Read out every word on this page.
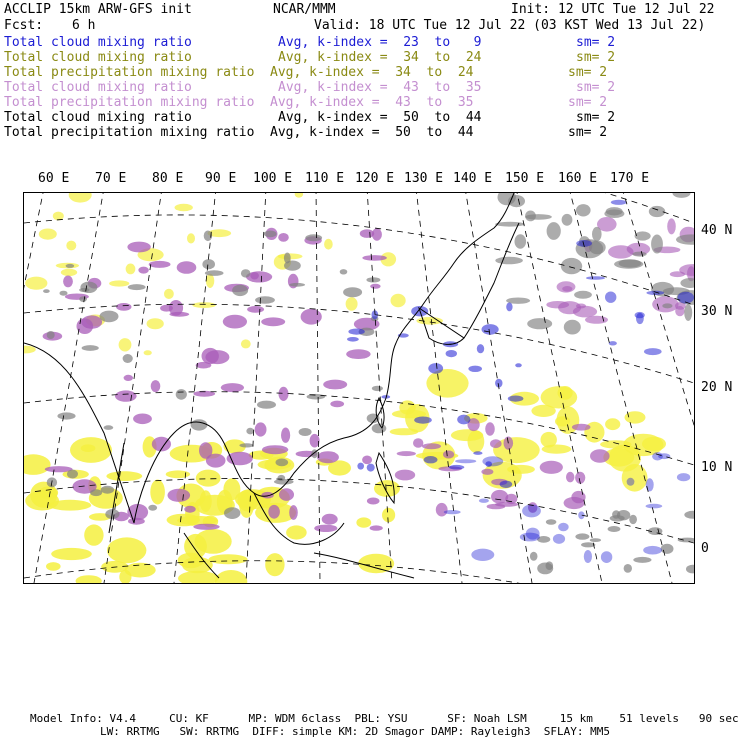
ACCLIP 15km ARW-GFS init	NCAR/MMM	Init: 12 UTC Tue 12 Jul 22
Fcst: 6 h	Valid: 18 UTC Tue 12 Jul 22 (03 KST Wed 13 Jul 22)
Total cloud mixing ratio	Avg, k-index =  23  to   9	sm= 2
Total cloud mixing ratio	Avg, k-index =  34  to  24	sm= 2
Total precipitation mixing ratio Avg, k-index =  34  to  24	sm= 2
Total cloud mixing ratio	Avg, k-index =  43  to  35	sm= 2
Total precipitation mixing ratio Avg, k-index =  43  to  35	sm= 2
Total cloud mixing ratio	Avg, k-index =  50  to  44	sm= 2
Total precipitation mixing ratio Avg, k-index =  50  to  44	sm= 2
60 E 70 E 80 E 90 E 100 E 110 E 120 E 130 E 140 E 150 E 160 E 170 E
40 N
30 N
20 N
10 N
0
Model Info: V4.4     CU: KF      MP: WDM 6class  PBL: YSU      SF: Noah LSM     15 km    51 levels   90 sec
LW: RRTMG   SW: RRTMG  DIFF: simple KM: 2D Smagor DAMP: Rayleigh3  SFLAY: MM5
